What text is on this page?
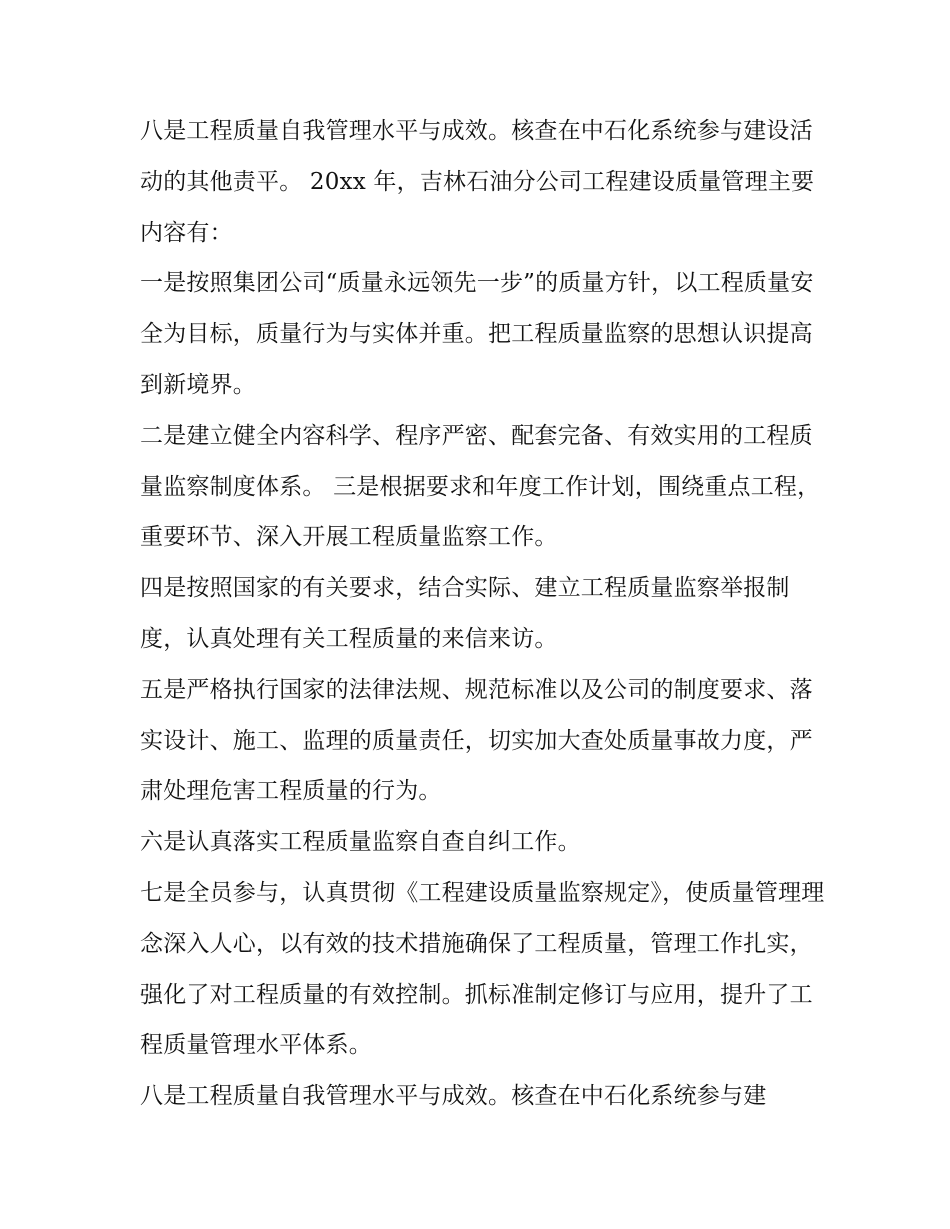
八是工程质量自我管理水平与成效。核查在中石化系统参与建设活动的其他责平。 20xx 年，吉林石油分公司工程建设质量管理主要内容有：

一是按照集团公司“质量永远领先一步”的质量方针，以工程质量安全为目标，质量行为与实体并重。把工程质量监察的思想认识提高到新境界。

二是建立健全内容科学、程序严密、配套完备、有效实用的工程质量监察制度体系。 三是根据要求和年度工作计划，围绕重点工程，重要环节、深入开展工程质量监察工作。

四是按照国家的有关要求，结合实际、建立工程质量监察举报制度，认真处理有关工程质量的来信来访。

五是严格执行国家的法律法规、规范标准以及公司的制度要求、落实设计、施工、监理的质量责任，切实加大查处质量事故力度，严肃处理危害工程质量的行为。

六是认真落实工程质量监察自查自纠工作。

七是全员参与，认真贯彻《工程建设质量监察规定》，使质量管理理念深入人心，以有效的技术措施确保了工程质量，管理工作扎实，强化了对工程质量的有效控制。抓标准制定修订与应用，提升了工程质量管理水平体系。

八是工程质量自我管理水平与成效。核查在中石化系统参与建
